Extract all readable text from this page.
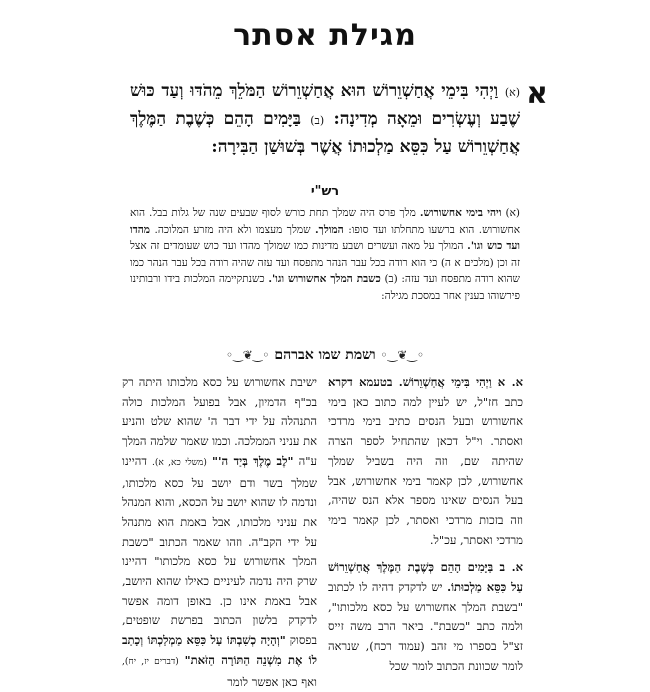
מגילת אסתר
א
(א) וַיְהִי בִּימֵי אֲחַשְׁוֵרוֹשׁ הוּא אֲחַשְׁוֵרוֹשׁ הַמֹּלֵךְ מֵהֹדּוּ וְעַד כּוּשׁ שֶׁבַע וְעֶשְׂרִים וּמֵאָה מְדִינָה: (ב) בַּיָּמִים הָהֵם כְּשֶׁבֶת הַמֶּלֶךְ אֲחַשְׁוֵרוֹשׁ עַל כִּסֵּא מַלְכוּתוֹ אֲשֶׁר בְּשׁוּשַׁן הַבִּירָה:
רש"י
(א) ויהי בימי אחשורוש. מלך פרס היה שמלך תחת כורש לסוף שבעים שנה של גלות בבל. הוא אחשורוש. הוא ברשעו מתחלתו ועד סופו: המולך. שמלך מעצמו ולא היה מזרע המלוכה. מהדו ועד כוש וגו'. המולך על מאה ועשרים ושבע מדינות כמו שמולך מהדו ועד כוש שעומדים זה אצל זה וכן (מלכים א ה) כי הוא רודה בכל עבר הנהר מתפסח ועד עזה שהיה רודה בכל עבר הנהר כמו שהוא רודה מתפסח ועד עזה: (ב) כשבת המלך אחשורוש וגו'. כשנתקיימה המלכות בידו ורבותינו פירשוהו בענין אחר במסכת מגילה:
◦‿❦‿◦ ושמת שמו אברהם ◦‿❦‿◦

א. א וַיְהִי בִּימֵי אֲחַשְׁוֵרוֹשׁ. בטעמא דקרא כתב חז"ל, יש לעיין למה כתוב כאן בימי אחשורוש ובעל הנסים כתיב בימי מרדכי ואסתר. וי"ל דכאן שהתחיל לספר הצרה שהיתה שם, וזה היה בשביל שמלך אחשורוש, לכן קאמר בימי אחשורוש, אבל בעל הנסים שאינו מספר אלא הנס שהיה, וזה בזכות מרדכי ואסתר, לכן קאמר בימי מרדכי ואסתר, עכ"ל.

א. ב בַּיָּמִים הָהֵם כְּשֶׁבֶת הַמֶּלֶךְ אֲחַשְׁוֵרוֹשׁ עַל כִּסֵּא מַלְכוּתוֹ. יש לדקדק דהיה לו לכתוב "בשבת המלך אחשורוש על כסא מלכותו", ולמה כתב "כשבת". ביאר הרב משה זייס זצ"ל בספרו מי זהב (עמוד רכח), שנראה לומר שכוונת הכתוב לומר שכל

ישיבת אחשורוש על כסא מלכותו היתה רק בכ"ף הדמיון, אבל בפועל המלכות כולה התנהלה על ידי דבר ה' שהוא שלט והניע את עניני הממלכה. וכמו שאמר שלמה המלך ע"ה "לֶב מֶלֶךְ בְּיַד ה'" (משלי כא, א). דהיינו שמלך בשר ודם יושב על כסא מלכותו, ונדמה לו שהוא יושב על הכסא, והוא המנהל את עניני מלכותו, אבל באמת הוא מתנהל על ידי הקב"ה. וזהו שאמר הכתוב "כשבת המלך אחשורוש על כסא מלכותו" דהיינו שרק היה נדמה לעיניים כאילו שהוא היושב, אבל באמת אינו כן. באופן דומה אפשר לדקדק בלשון הכתוב בפרשת שופטים, בפסוק "וְהָיָה כְשִׁבְתּוֹ עַל כִּסֵּא מַמְלַכְתּוֹ וְכָתַב לוֹ אֶת מִשְׁנֵה הַתּוֹרָה הַזֹּאת" (דברים יז, יח), ואף כאן אפשר לומר
